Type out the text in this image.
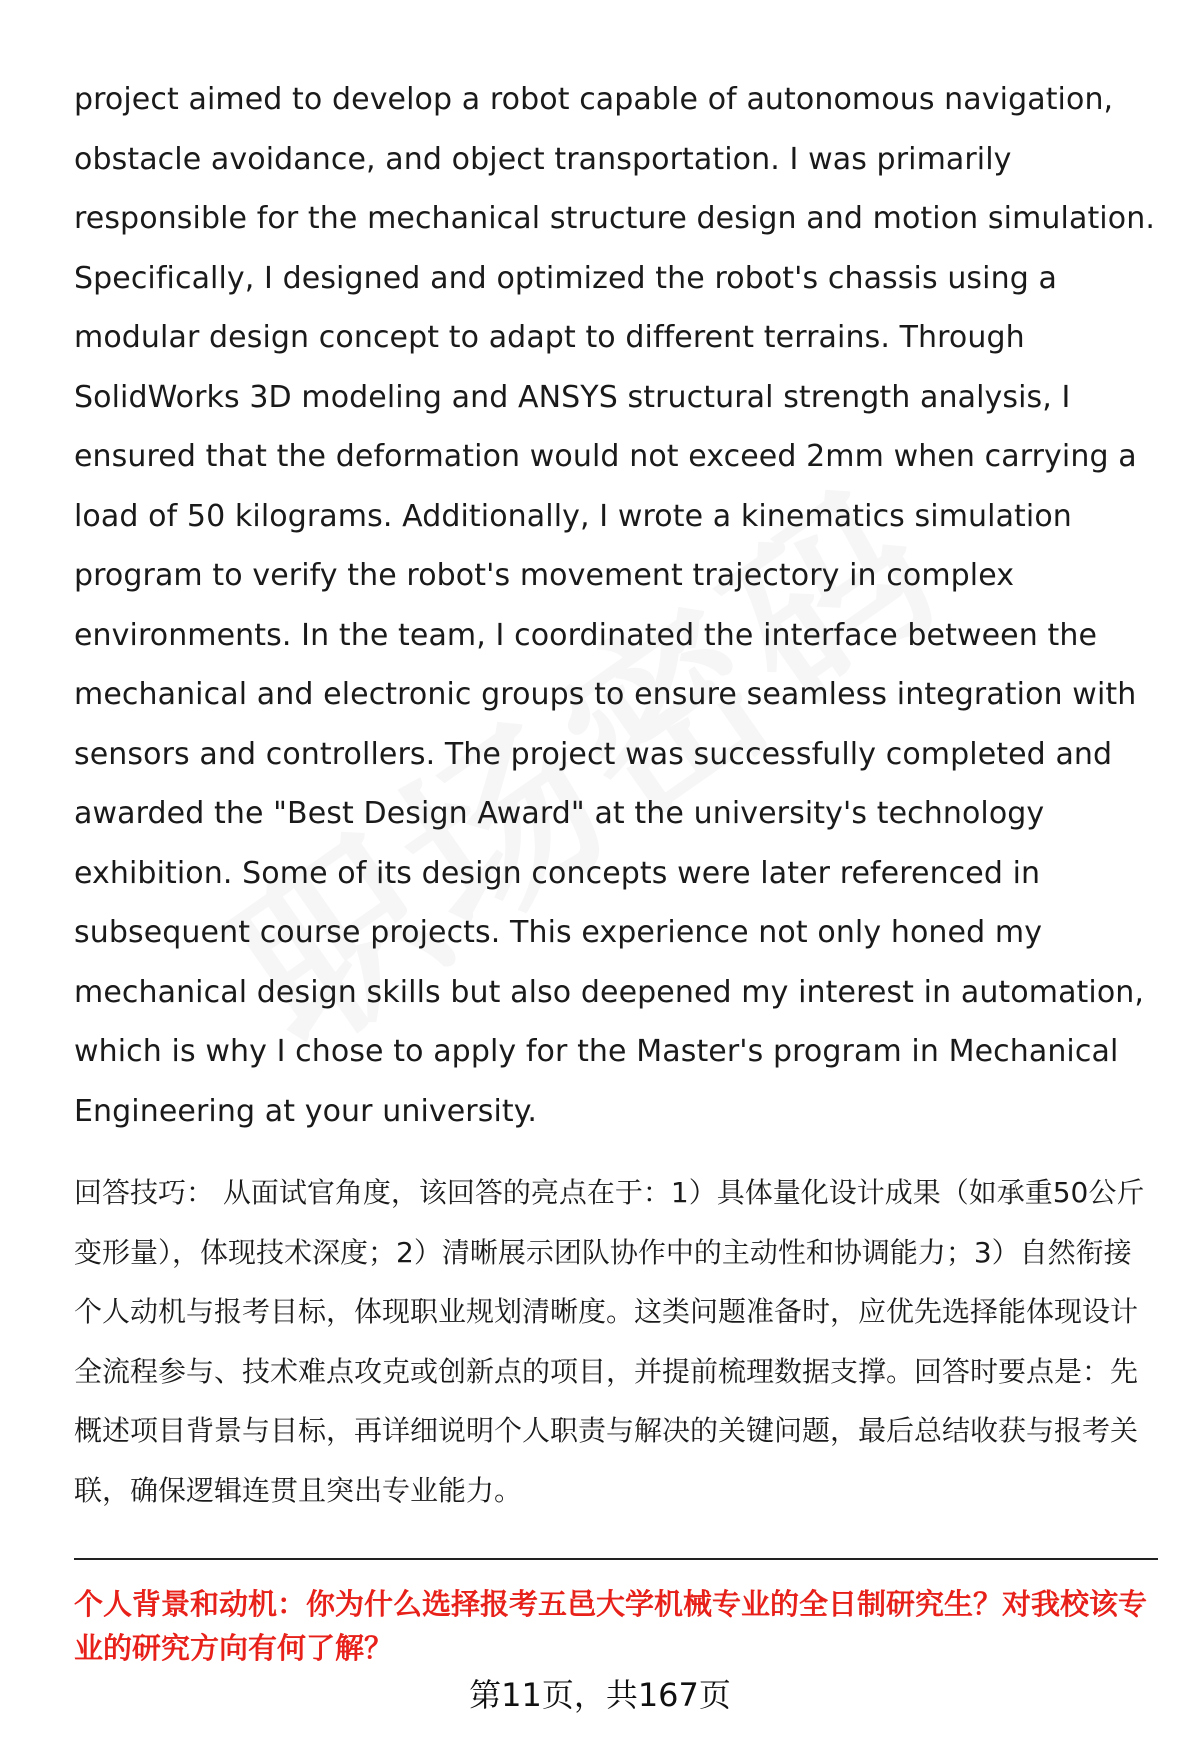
project aimed to develop a robot capable of autonomous navigation, obstacle avoidance, and object transportation. I was primarily responsible for the mechanical structure design and motion simulation. Specifically, I designed and optimized the robot's chassis using a modular design concept to adapt to different terrains. Through SolidWorks 3D modeling and ANSYS structural strength analysis, I ensured that the deformation would not exceed 2mm when carrying a load of 50 kilograms. Additionally, I wrote a kinematics simulation program to verify the robot's movement trajectory in complex environments. In the team, I coordinated the interface between the mechanical and electronic groups to ensure seamless integration with sensors and controllers. The project was successfully completed and awarded the "Best Design Award" at the university's technology exhibition. Some of its design concepts were later referenced in subsequent course projects. This experience not only honed my mechanical design skills but also deepened my interest in automation, which is why I chose to apply for the Master's program in Mechanical Engineering at your university.

回答技巧： 从面试官角度，该回答的亮点在于：1）具体量化设计成果（如承重50公斤变形量），体现技术深度；2）清晰展示团队协作中的主动性和协调能力；3）自然衔接个人动机与报考目标，体现职业规划清晰度。这类问题准备时，应优先选择能体现设计全流程参与、技术难点攻克或创新点的项目，并提前梳理数据支撑。回答时要点是：先概述项目背景与目标，再详细说明个人职责与解决的关键问题，最后总结收获与报考关联，确保逻辑连贯且突出专业能力。

个人背景和动机：你为什么选择报考五邑大学机械专业的全日制研究生？对我校该专业的研究方向有何了解？

第11页，共167页
